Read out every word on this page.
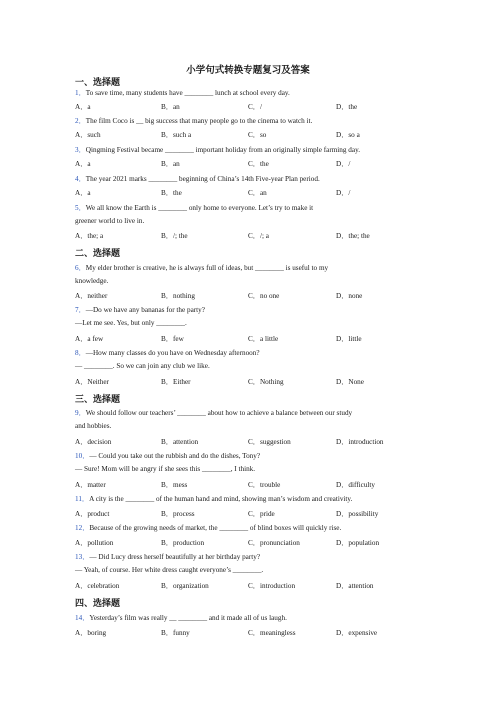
小学句式转换专题复习及答案
一、选择题
1．To save time, many students have ________ lunch at school every day.
A．a	B．an	C．/	D．the
2．The film Coco is __ big success that many people go to the cinema to watch it.
A．such	B．such a	C．so	D．so a
3．Qingming Festival became ________ important holiday from an originally simple farming day.
A．a	B．an	C．the	D．/
4．The year 2021 marks ________ beginning of China’s 14th Five-year Plan period.
A．a	B．the	C．an	D．/
5．We all know the Earth is ________ only home to everyone. Let’s try to make it
greener world to live in.
A．the; a	B．/; the	C．/; a	D．the; the
二、选择题
6．My elder brother is creative, he is always full of ideas, but ________ is useful to my
knowledge.
A．neither	B．nothing	C．no one	D．none
7．—Do we have any bananas for the party?
—Let me see. Yes, but only ________.
A．a few	B．few	C．a little	D．little
8．—How many classes do you have on Wednesday afternoon?
— ________. So we can join any club we like.
A．Neither	B．Either	C．Nothing	D．None
三、选择题
9．We should follow our teachers’ ________ about how to achieve a balance between our study
and hobbies.
A．decision	B．attention	C．suggestion	D．introduction
10．— Could you take out the rubbish and do the dishes, Tony?
— Sure! Mom will be angry if she sees this ________, I think.
A．matter	B．mess	C．trouble	D．difficulty
11．A city is the ________ of the human hand and mind, showing man’s wisdom and creativity.
A．product	B．process	C．pride	D．possibility
12．Because of the growing needs of market, the ________ of blind boxes will quickly rise.
A．pollution	B．production	C．pronunciation	D．population
13．— Did Lucy dress herself beautifully at her birthday party?
— Yeah, of course. Her white dress caught everyone’s ________.
A．celebration	B．organization	C．introduction	D．attention
四、选择题
14．Yesterday’s film was really __ ________ and it made all of us laugh.
A．boring	B．funny	C．meaningless	D．expensive
